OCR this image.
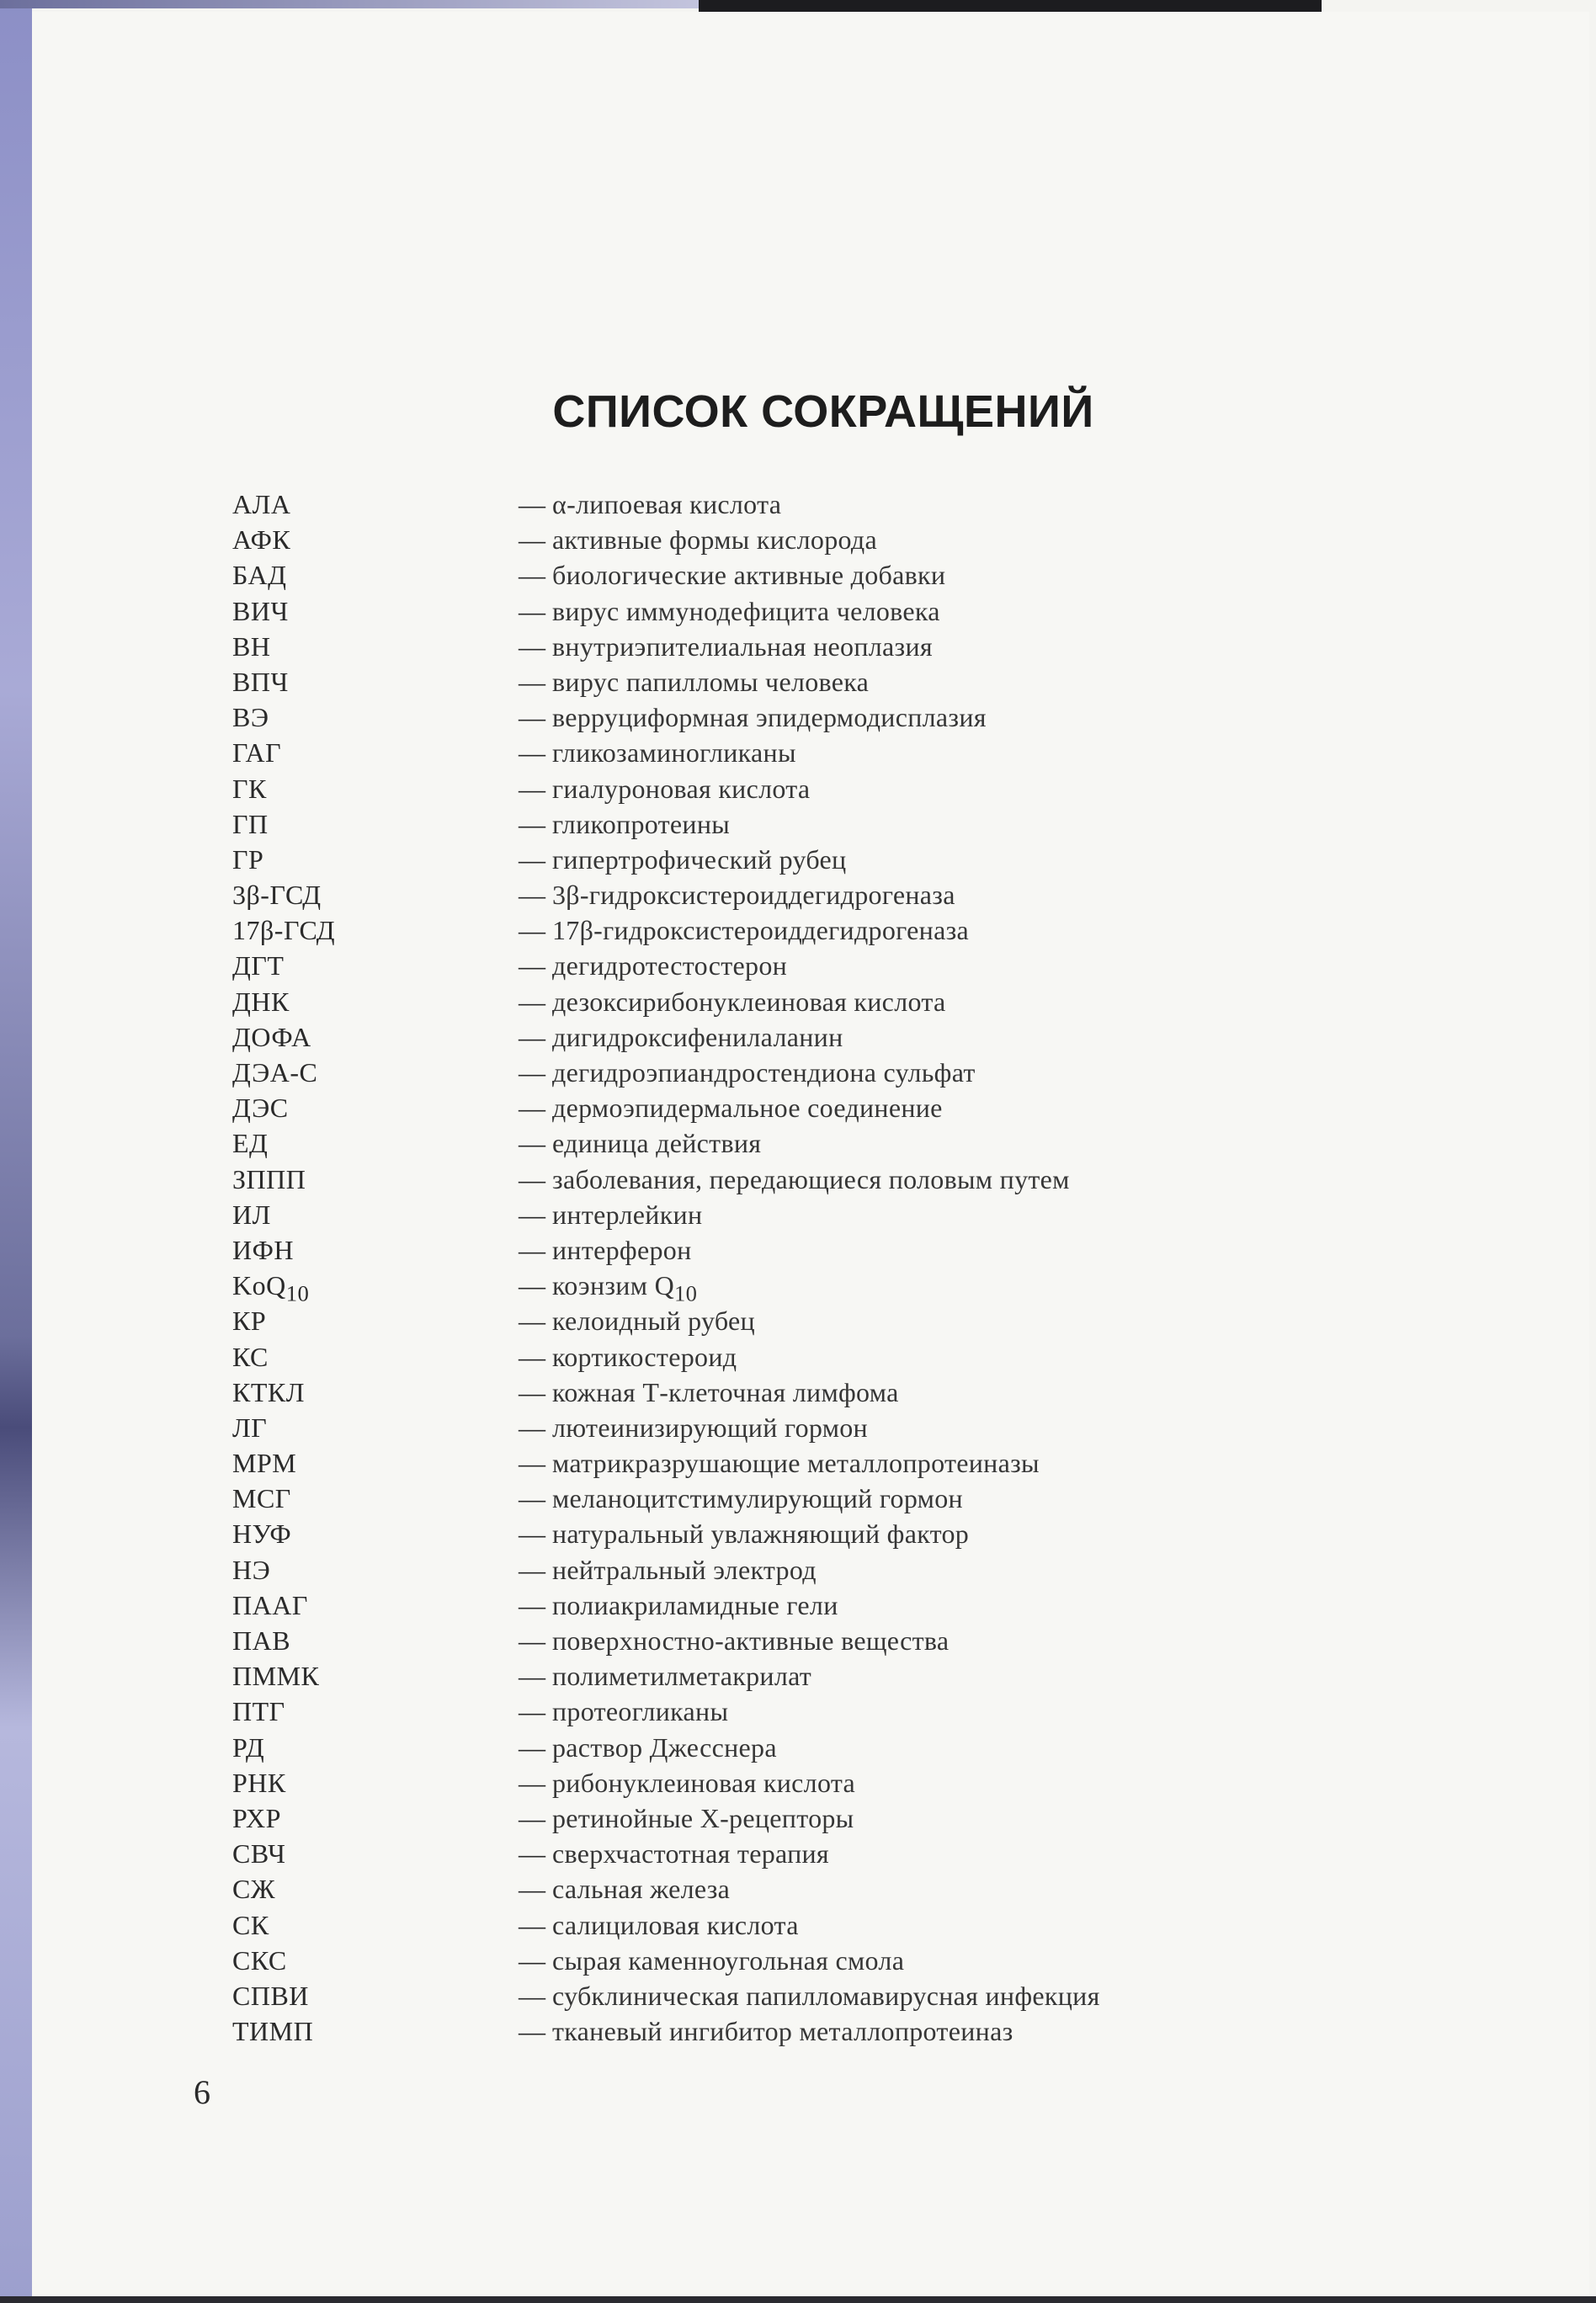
СПИСОК СОКРАЩЕНИЙ
АЛА	— α-липоевая кислота
АФК	— активные формы кислорода
БАД	— биологические активные добавки
ВИЧ	— вирус иммунодефицита человека
ВН	— внутриэпителиальная неоплазия
ВПЧ	— вирус папилломы человека
ВЭ	— верруциформная эпидермодисплазия
ГАГ	— гликозаминогликаны
ГК	— гиалуроновая кислота
ГП	— гликопротеины
ГР	— гипертрофический рубец
3β-ГСД	— 3β-гидроксистероиддегидрогеназа
17β-ГСД	— 17β-гидроксистероиддегидрогеназа
ДГТ	— дегидротестостерон
ДНК	— дезоксирибонуклеиновая кислота
ДОФА	— дигидроксифенилаланин
ДЭА-С	— дегидроэпиандростендиона сульфат
ДЭС	— дермоэпидермальное соединение
ЕД	— единица действия
ЗППП	— заболевания, передающиеся половым путем
ИЛ	— интерлейкин
ИФН	— интерферон
KoQ$_{10}$	— коэнзим $Q_{10}$
КР	— келоидный рубец
КС	— кортикостероид
КТКЛ	— кожная Т-клеточная лимфома
ЛГ	— лютеинизирующий гормон
МРМ	— матрикразрушающие металлопротеиназы
МСГ	— меланоцитстимулирующий гормон
НУФ	— натуральный увлажняющий фактор
НЭ	— нейтральный электрод
ПААГ	— полиакриламидные гели
ПАВ	— поверхностно-активные вещества
ПММК	— полиметилметакрилат
ПТГ	— протеогликаны
РД	— раствор Джесснера
РНК	— рибонуклеиновая кислота
РХР	— ретинойные Х-рецепторы
СВЧ	— сверхчастотная терапия
СЖ	— сальная железа
СК	— салициловая кислота
СКС	— сырая каменноугольная смола
СПВИ	— субклиническая папилломавирусная инфекция
ТИМП	— тканевый ингибитор металлопротеиназ
6
